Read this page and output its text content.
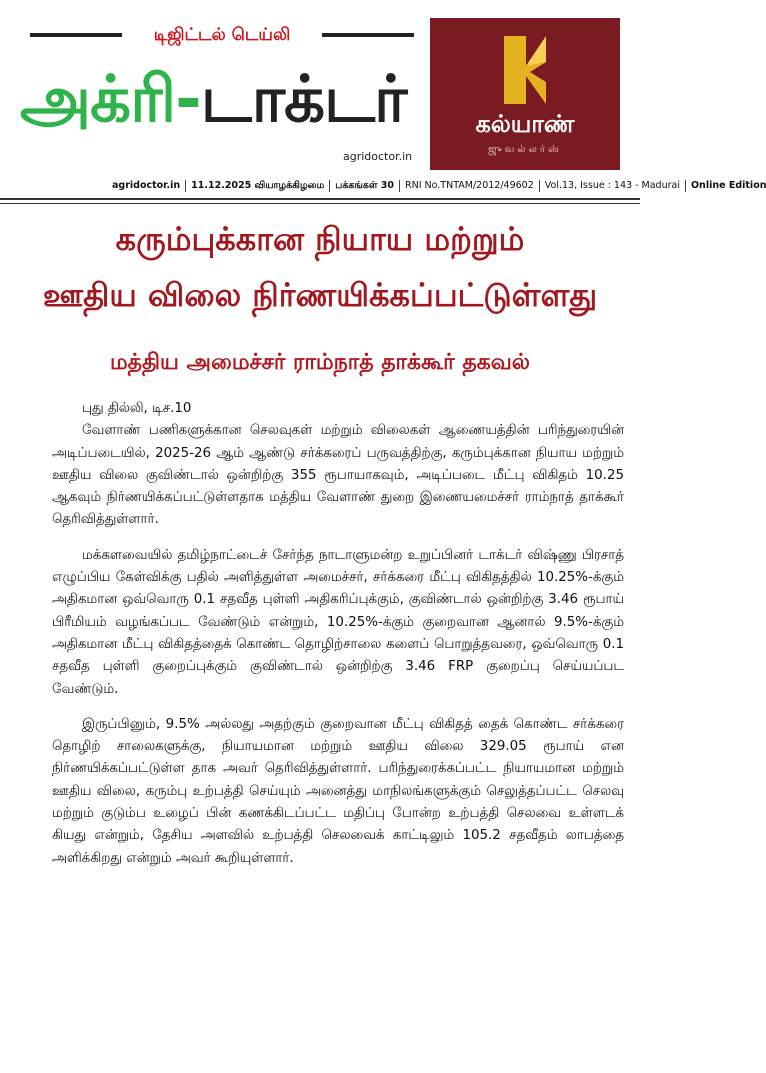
டிஜிட்டல் டெய்லி
அக்ரி-டாக்டர்
agridoctor.in
கல்யாண்
ஜுவல்லர்ஸ்
agridoctor.in 11.12.2025 வியாழக்கிழமை பக்கங்கள் 30 RNI No.TNTAM/2012/49602 Vol.13, Issue : 143 - Madurai Online Edition
கரும்புக்கான நியாய மற்றும்
ஊதிய விலை நிர்ணயிக்கப்பட்டுள்ளது
மத்திய அமைச்சர் ராம்நாத் தாக்கூர் தகவல்

புது தில்லி, டிச.10

வேளாண் பணிகளுக்கான செலவுகள் மற்றும் விலைகள் ஆணையத்தின் பரிந்துரையின் அடிப்படையில், 2025-26 ஆம் ஆண்டு சர்க்கரைப் பருவத்திற்கு, கரும்புக்கான நியாய மற்றும் ஊதிய விலை குவிண்டால் ஒன்றிற்கு 355 ரூபாயாகவும், அடிப்படை மீட்பு விகிதம் 10.25 ஆகவும் நிர்ணயிக்கப்பட்டுள்ளதாக மத்திய வேளாண் துறை இணையமைச்சர் ராம்நாத் தாக்கூர் தெரிவித்துள்ளார்.

மக்களவையில் தமிழ்நாட்டைச் சேர்ந்த நாடாளுமன்ற உறுப்பினர் டாக்டர் விஷ்ணு பிரசாத் எழுப்பிய கேள்விக்கு பதில் அளித்துள்ள அமைச்சர், சர்க்கரை மீட்பு விகிதத்தில் 10.25%-க்கும் அதிகமான ஒவ்வொரு 0.1 சதவீத புள்ளி அதிகரிப்புக்கும், குவிண்டால் ஒன்றிற்கு 3.46 ரூபாய் பிரீமியம் வழங்கப்பட வேண்டும் என்றும், 10.25%-க்கும் குறைவான ஆனால் 9.5%-க்கும் அதிகமான மீட்பு விகிதத்தைக் கொண்ட தொழிற்சாலை களைப் பொறுத்தவரை, ஒவ்வொரு 0.1 சதவீத புள்ளி குறைப்புக்கும் குவிண்டால் ஒன்றிற்கு 3.46 FRP குறைப்பு செய்யப்பட வேண்டும்.

இருப்பினும், 9.5% அல்லது அதற்கும் குறைவான மீட்பு விகிதத் தைக் கொண்ட சர்க்கரை தொழிற் சாலைகளுக்கு, நியாயமான மற்றும் ஊதிய விலை 329.05 ரூபாய் என நிர்ணயிக்கப்பட்டுள்ள தாக அவர் தெரிவித்துள்ளார். பரிந்துரைக்கப்பட்ட நியாயமான மற்றும் ஊதிய விலை, கரும்பு உற்பத்தி செய்யும் அனைத்து மாநிலங்களுக்கும் செலுத்தப்பட்ட செலவு மற்றும் குடும்ப உழைப் பின் கணக்கிடப்பட்ட மதிப்பு போன்ற உற்பத்தி செலவை உள்ளடக் கியது என்றும், தேசிய அளவில் உற்பத்தி செலவைக் காட்டிலும் 105.2 சதவீதம் லாபத்தை அளிக்கிறது என்றும் அவர் கூறியுள்ளார்.
